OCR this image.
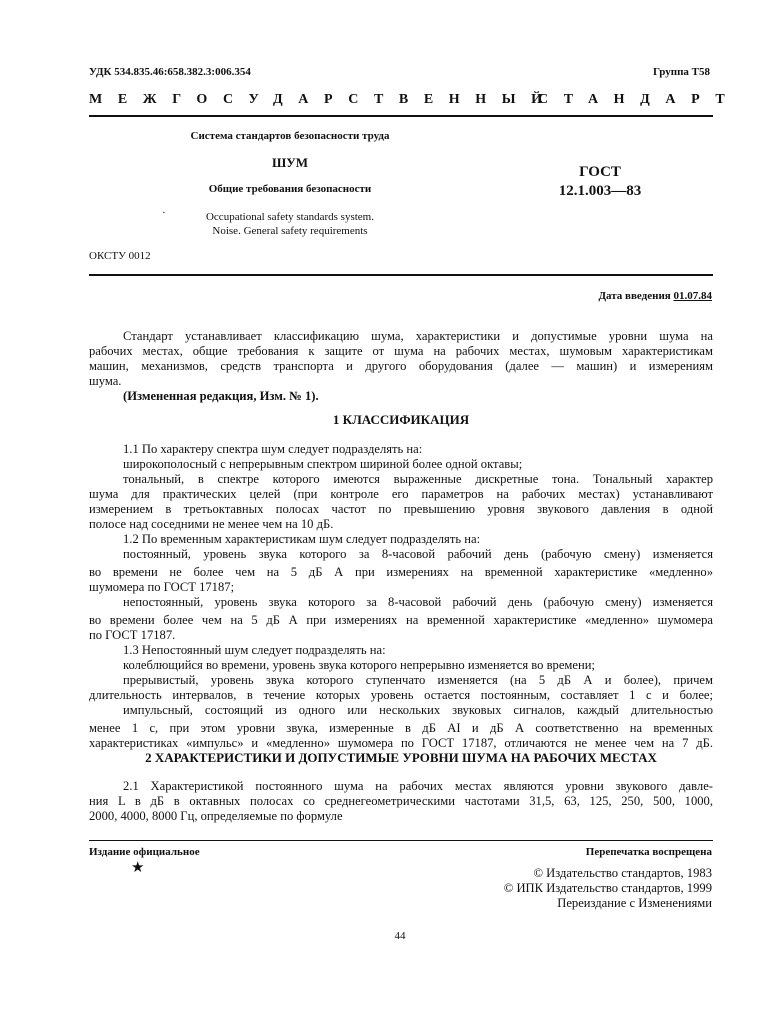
УДК 534.835.46:658.382.3:006.354	Группа Т58
МЕЖГОСУДАРСТВЕННЫЙ
СТАНДАРТ
Система стандартов безопасности труда
ШУМ
Общие требования безопасности
·	Occupational safety standards system.
Noise. General safety requirements
ГОСТ
12.1.003—83
ОКСТУ 0012
Дата введения 01.07.84
Стандарт устанавливает классификацию шума, характеристики и допустимые уровни шума на
рабочих местах, общие требования к защите от шума на рабочих местах, шумовым характеристикам
машин, механизмов, средств транспорта и другого оборудования (далее — машин) и измерениям
шума.
(Измененная редакция, Изм. № 1).
1 КЛАССИФИКАЦИЯ
1.1 По характеру спектра шум следует подразделять на:
широкополосный с непрерывным спектром шириной более одной октавы;
тональный, в спектре которого имеются выраженные дискретные тона. Тональный характер
шума для практических целей (при контроле его параметров на рабочих местах) устанавливают
измерением в третьоктавных полосах частот по превышению уровня звукового давления в одной
полосе над соседними не менее чем на 10 дБ.
1.2 По временным характеристикам шум следует подразделять на:
постоянный, уровень звука которого за 8-часовой рабочий день (рабочую смену) изменяется
во времени не более чем на 5 дБ А при измерениях на временной характеристике «медленно»
шумомера по ГОСТ 17187;
непостоянный, уровень звука которого за 8-часовой рабочий день (рабочую смену) изменяется
во времени более чем на 5 дБ А при измерениях на временной характеристике «медленно» шумомера
по ГОСТ 17187.
1.3 Непостоянный шум следует подразделять на:
колеблющийся во времени, уровень звука которого непрерывно изменяется во времени;
прерывистый, уровень звука которого ступенчато изменяется (на 5 дБ А и более), причем
длительность интервалов, в течение которых уровень остается постоянным, составляет 1 с и более;
импульсный, состоящий из одного или нескольких звуковых сигналов, каждый длительностью
менее 1 с, при этом уровни звука, измеренные в дБ AI и дБ А соответственно на временных
характеристиках «импульс» и «медленно» шумомера по ГОСТ 17187, отличаются не менее чем на 7 дБ.
2 ХАРАКТЕРИСТИКИ И ДОПУСТИМЫЕ УРОВНИ ШУМА НА РАБОЧИХ МЕСТАХ
2.1 Характеристикой постоянного шума на рабочих местах являются уровни звукового давле-
ния L в дБ в октавных полосах со среднегеометрическими частотами 31,5, 63, 125, 250, 500, 1000,
2000, 4000, 8000 Гц, определяемые по формуле
Издание официальное
★
Перепечатка воспрещена
© Издательство стандартов, 1983
© ИПК Издательство стандартов, 1999
Переиздание с Изменениями
44
